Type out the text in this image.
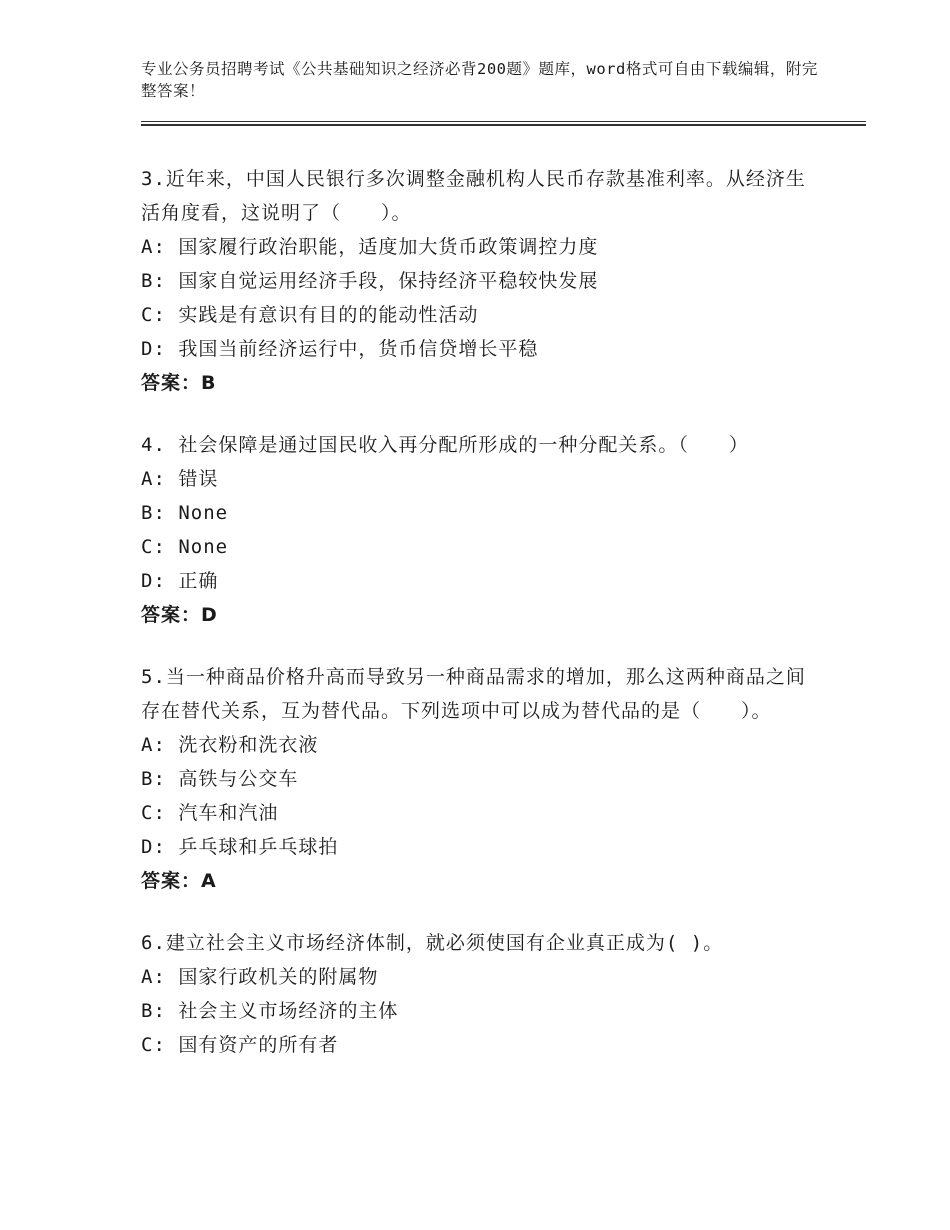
专业公务员招聘考试《公共基础知识之经济必背200题》题库，word格式可自由下载编辑，附完整答案！

3.近年来，中国人民银行多次调整金融机构人民币存款基准利率。从经济生活角度看，这说明了（　　）。

A: 国家履行政治职能，适度加大货币政策调控力度
B: 国家自觉运用经济手段，保持经济平稳较快发展
C: 实践是有意识有目的的能动性活动
D: 我国当前经济运行中，货币信贷增长平稳
答案：B

4. 社会保障是通过国民收入再分配所形成的一种分配关系。（　　）

A: 错误
B: None
C: None
D: 正确
答案：D

5.当一种商品价格升高而导致另一种商品需求的增加，那么这两种商品之间存在替代关系，互为替代品。下列选项中可以成为替代品的是（　　）。

A: 洗衣粉和洗衣液
B: 高铁与公交车
C: 汽车和汽油
D: 乒乓球和乒乓球拍
答案：A

6.建立社会主义市场经济体制，就必须使国有企业真正成为( )。

A: 国家行政机关的附属物
B: 社会主义市场经济的主体
C: 国有资产的所有者
